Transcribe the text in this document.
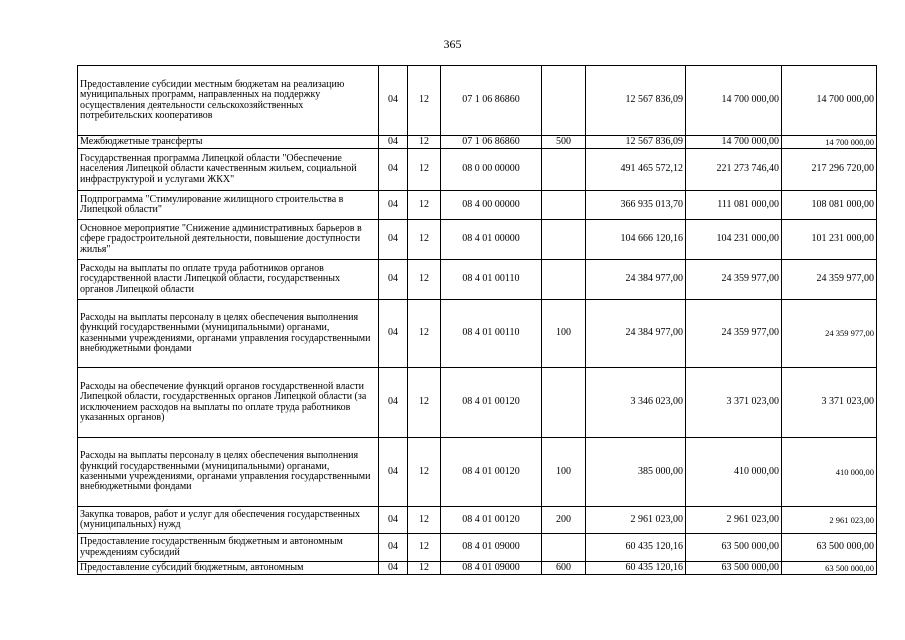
365
Предоставление субсидии местным бюджетам на реализацию муниципальных программ, направленных на поддержку осуществления деятельности сельскохозяйственных потребительских кооперативов	04	12	07 1 06 86860		12 567 836,09	14 700 000,00	14 700 000,00
Межбюджетные трансферты	04	12	07 1 06 86860	500	12 567 836,09	14 700 000,00	14 700 000,00
Государственная программа Липецкой области "Обеспечение населения Липецкой области качественным жильем, социальной инфраструктурой и услугами ЖКХ"	04	12	08 0 00 00000		491 465 572,12	221 273 746,40	217 296 720,00
Подпрограмма "Стимулирование жилищного строительства в Липецкой области"	04	12	08 4 00 00000		366 935 013,70	111 081 000,00	108 081 000,00
Основное мероприятие "Снижение административных барьеров в сфере градостроительной деятельности, повышение доступности жилья"	04	12	08 4 01 00000		104 666 120,16	104 231 000,00	101 231 000,00
Расходы на выплаты по оплате труда работников органов государственной власти Липецкой области, государственных органов Липецкой области	04	12	08 4 01 00110		24 384 977,00	24 359 977,00	24 359 977,00
Расходы на выплаты персоналу в целях обеспечения выполнения функций государственными (муниципальными) органами, казенными учреждениями, органами управления государственными внебюджетными фондами	04	12	08 4 01 00110	100	24 384 977,00	24 359 977,00	24 359 977,00
Расходы на обеспечение функций органов государственной власти Липецкой области, государственных органов Липецкой области (за исключением расходов на выплаты по оплате труда работников указанных органов)	04	12	08 4 01 00120		3 346 023,00	3 371 023,00	3 371 023,00
Расходы на выплаты персоналу в целях обеспечения выполнения функций государственными (муниципальными) органами, казенными учреждениями, органами управления государственными внебюджетными фондами	04	12	08 4 01 00120	100	385 000,00	410 000,00	410 000,00
Закупка товаров, работ и услуг для обеспечения государственных (муниципальных) нужд	04	12	08 4 01 00120	200	2 961 023,00	2 961 023,00	2 961 023,00
Предоставление государственным бюджетным и автономным учреждениям субсидий	04	12	08 4 01 09000		60 435 120,16	63 500 000,00	63 500 000,00
Предоставление субсидий бюджетным, автономным	04	12	08 4 01 09000	600	60 435 120,16	63 500 000,00	63 500 000,00
